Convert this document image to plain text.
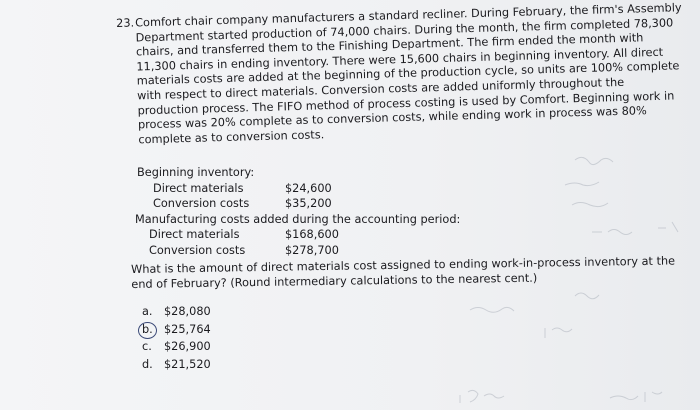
23. Comfort chair company manufacturers a standard recliner. During February, the firm's Assembly Department started production of 74,000 chairs. During the month, the firm completed 78,300 chairs, and transferred them to the Finishing Department. The firm ended the month with 11,300 chairs in ending inventory. There were 15,600 chairs in beginning inventory. All direct materials costs are added at the beginning of the production cycle, so units are 100% complete with respect to direct materials. Conversion costs are added uniformly throughout the production process. The FIFO method of process costing is used by Comfort. Beginning work in process was 20% complete as to conversion costs, while ending work in process was 80% complete as to conversion costs.
Beginning inventory:
Direct materials	$24,600
Conversion costs	$35,200
Manufacturing costs added during the accounting period:
Direct materials	$168,600
Conversion costs	$278,700
What is the amount of direct materials cost assigned to ending work-in-process inventory at the end of February? (Round intermediary calculations to the nearest cent.)
a. $28,080
b. $25,764
c. $26,900
d. $21,520
